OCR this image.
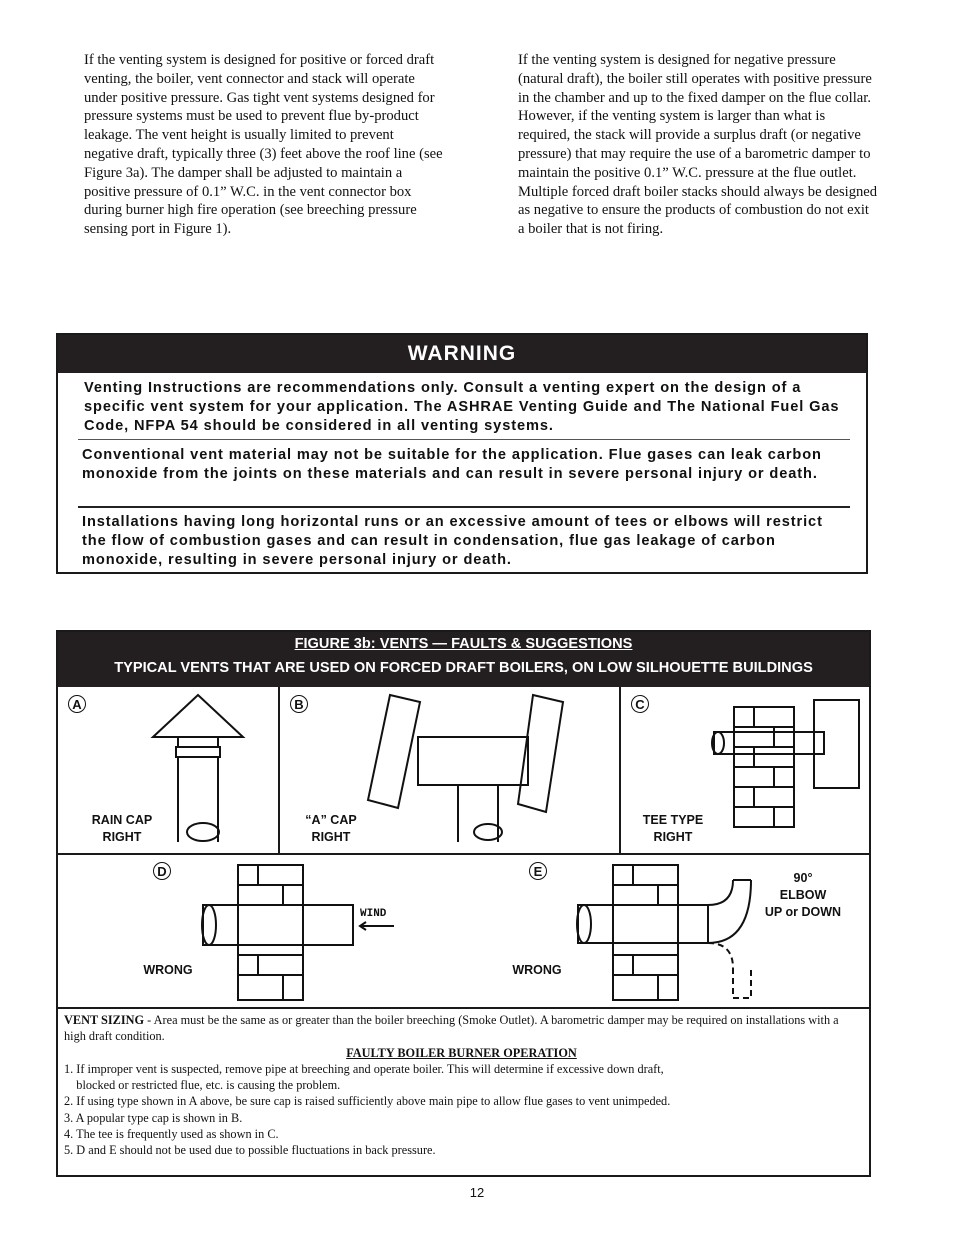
If the venting system is designed for positive or forced draft venting, the boiler, vent connector and stack will operate under positive pressure. Gas tight vent systems designed for pressure systems must be used to prevent flue by-product leakage. The vent height is usually limited to prevent negative draft, typically three (3) feet above the roof line (see Figure 3a). The damper shall be adjusted to maintain a positive pressure of 0.1” W.C. in the vent connector box during burner high fire operation (see breeching pressure sensing port in Figure 1).
If the venting system is designed for negative pressure (natural draft), the boiler still operates with positive pressure in the chamber and up to the fixed damper on the flue collar. However, if the venting system is larger than what is required, the stack will provide a surplus draft (or negative pressure) that may require the use of a barometric damper to maintain the positive 0.1” W.C. pressure at the flue outlet. Multiple forced draft boiler stacks should always be designed as negative to ensure the products of combustion do not exit a boiler that is not firing.
WARNING
Venting Instructions are recommendations only. Consult a venting expert on the design of a specific vent system for your application. The ASHRAE Venting Guide and The National Fuel Gas Code, NFPA 54 should be considered in all venting systems.
Conventional vent material may not be suitable for the application. Flue gases can leak carbon monoxide from the joints on these materials and can result in severe personal injury or death.
Installations having long horizontal runs or an excessive amount of tees or elbows will restrict the flow of combustion gases and can result in condensation, flue gas leakage of carbon monoxide, resulting in severe personal injury or death.
FIGURE 3b: VENTS — FAULTS & SUGGESTIONS
TYPICAL VENTS THAT ARE USED ON FORCED DRAFT BOILERS, ON LOW SILHOUETTE BUILDINGS
A
RAIN CAP
RIGHT
B
“A” CAP
RIGHT
C
TEE TYPE
RIGHT
D
WIND
WRONG
E
WRONG
90°
ELBOW
UP or DOWN
VENT SIZING - Area must be the same as or greater than the boiler breeching (Smoke Outlet). A barometric damper may be required on installations with a high draft condition.
FAULTY BOILER BURNER OPERATION
1. If improper vent is suspected, remove pipe at breeching and operate boiler. This will determine if excessive down draft,
blocked or restricted flue, etc. is causing the problem.
2. If using type shown in A above, be sure cap is raised sufficiently above main pipe to allow flue gases to vent unimpeded.
3. A popular type cap is shown in B.
4. The tee is frequently used as shown in C.
5. D and E should not be used due to possible fluctuations in back pressure.
12
